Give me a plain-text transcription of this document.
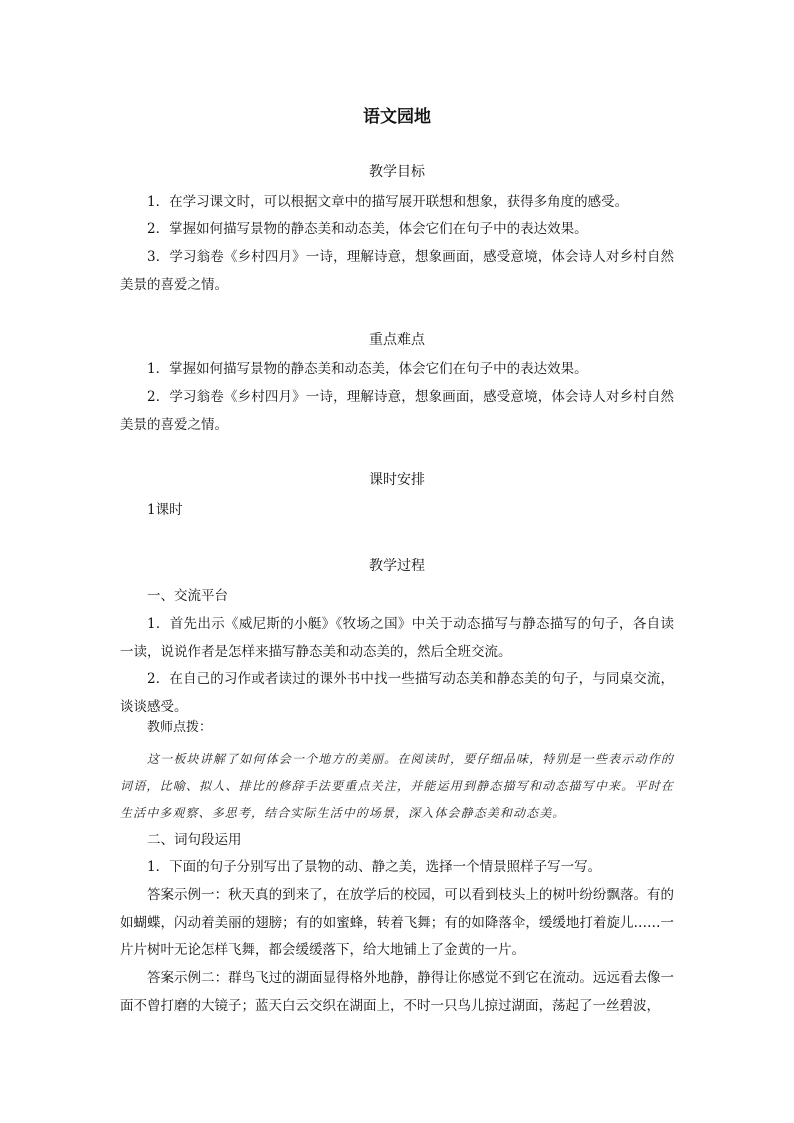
语文园地
教学目标

1．在学习课文时，可以根据文章中的描写展开联想和想象，获得多角度的感受。

2．掌握如何描写景物的静态美和动态美，体会它们在句子中的表达效果。

3．学习翁卷《乡村四月》一诗，理解诗意，想象画面，感受意境，体会诗人对乡村自然美景的喜爱之情。

重点难点

1．掌握如何描写景物的静态美和动态美，体会它们在句子中的表达效果。

2．学习翁卷《乡村四月》一诗，理解诗意，想象画面，感受意境，体会诗人对乡村自然美景的喜爱之情。

课时安排

1课时

教学过程

一、交流平台

1．首先出示《威尼斯的小艇》《牧场之国》中关于动态描写与静态描写的句子，各自读一读，说说作者是怎样来描写静态美和动态美的，然后全班交流。

2．在自己的习作或者读过的课外书中找一些描写动态美和静态美的句子，与同桌交流，谈谈感受。

教师点拨：

这一板块讲解了如何体会一个地方的美丽。在阅读时，要仔细品味，特别是一些表示动作的词语，比喻、拟人、排比的修辞手法要重点关注，并能运用到静态描写和动态描写中来。平时在生活中多观察、多思考，结合实际生活中的场景，深入体会静态美和动态美。

二、词句段运用

1．下面的句子分别写出了景物的动、静之美，选择一个情景照样子写一写。

答案示例一：秋天真的到来了，在放学后的校园，可以看到枝头上的树叶纷纷飘落。有的如蝴蝶，闪动着美丽的翅膀；有的如蜜蜂，转着飞舞；有的如降落伞，缓缓地打着旋儿……一片片树叶无论怎样飞舞，都会缓缓落下，给大地铺上了金黄的一片。

答案示例二：群鸟飞过的湖面显得格外地静，静得让你感觉不到它在流动。远远看去像一面不曾打磨的大镜子；蓝天白云交织在湖面上，不时一只鸟儿掠过湖面，荡起了一丝碧波，
